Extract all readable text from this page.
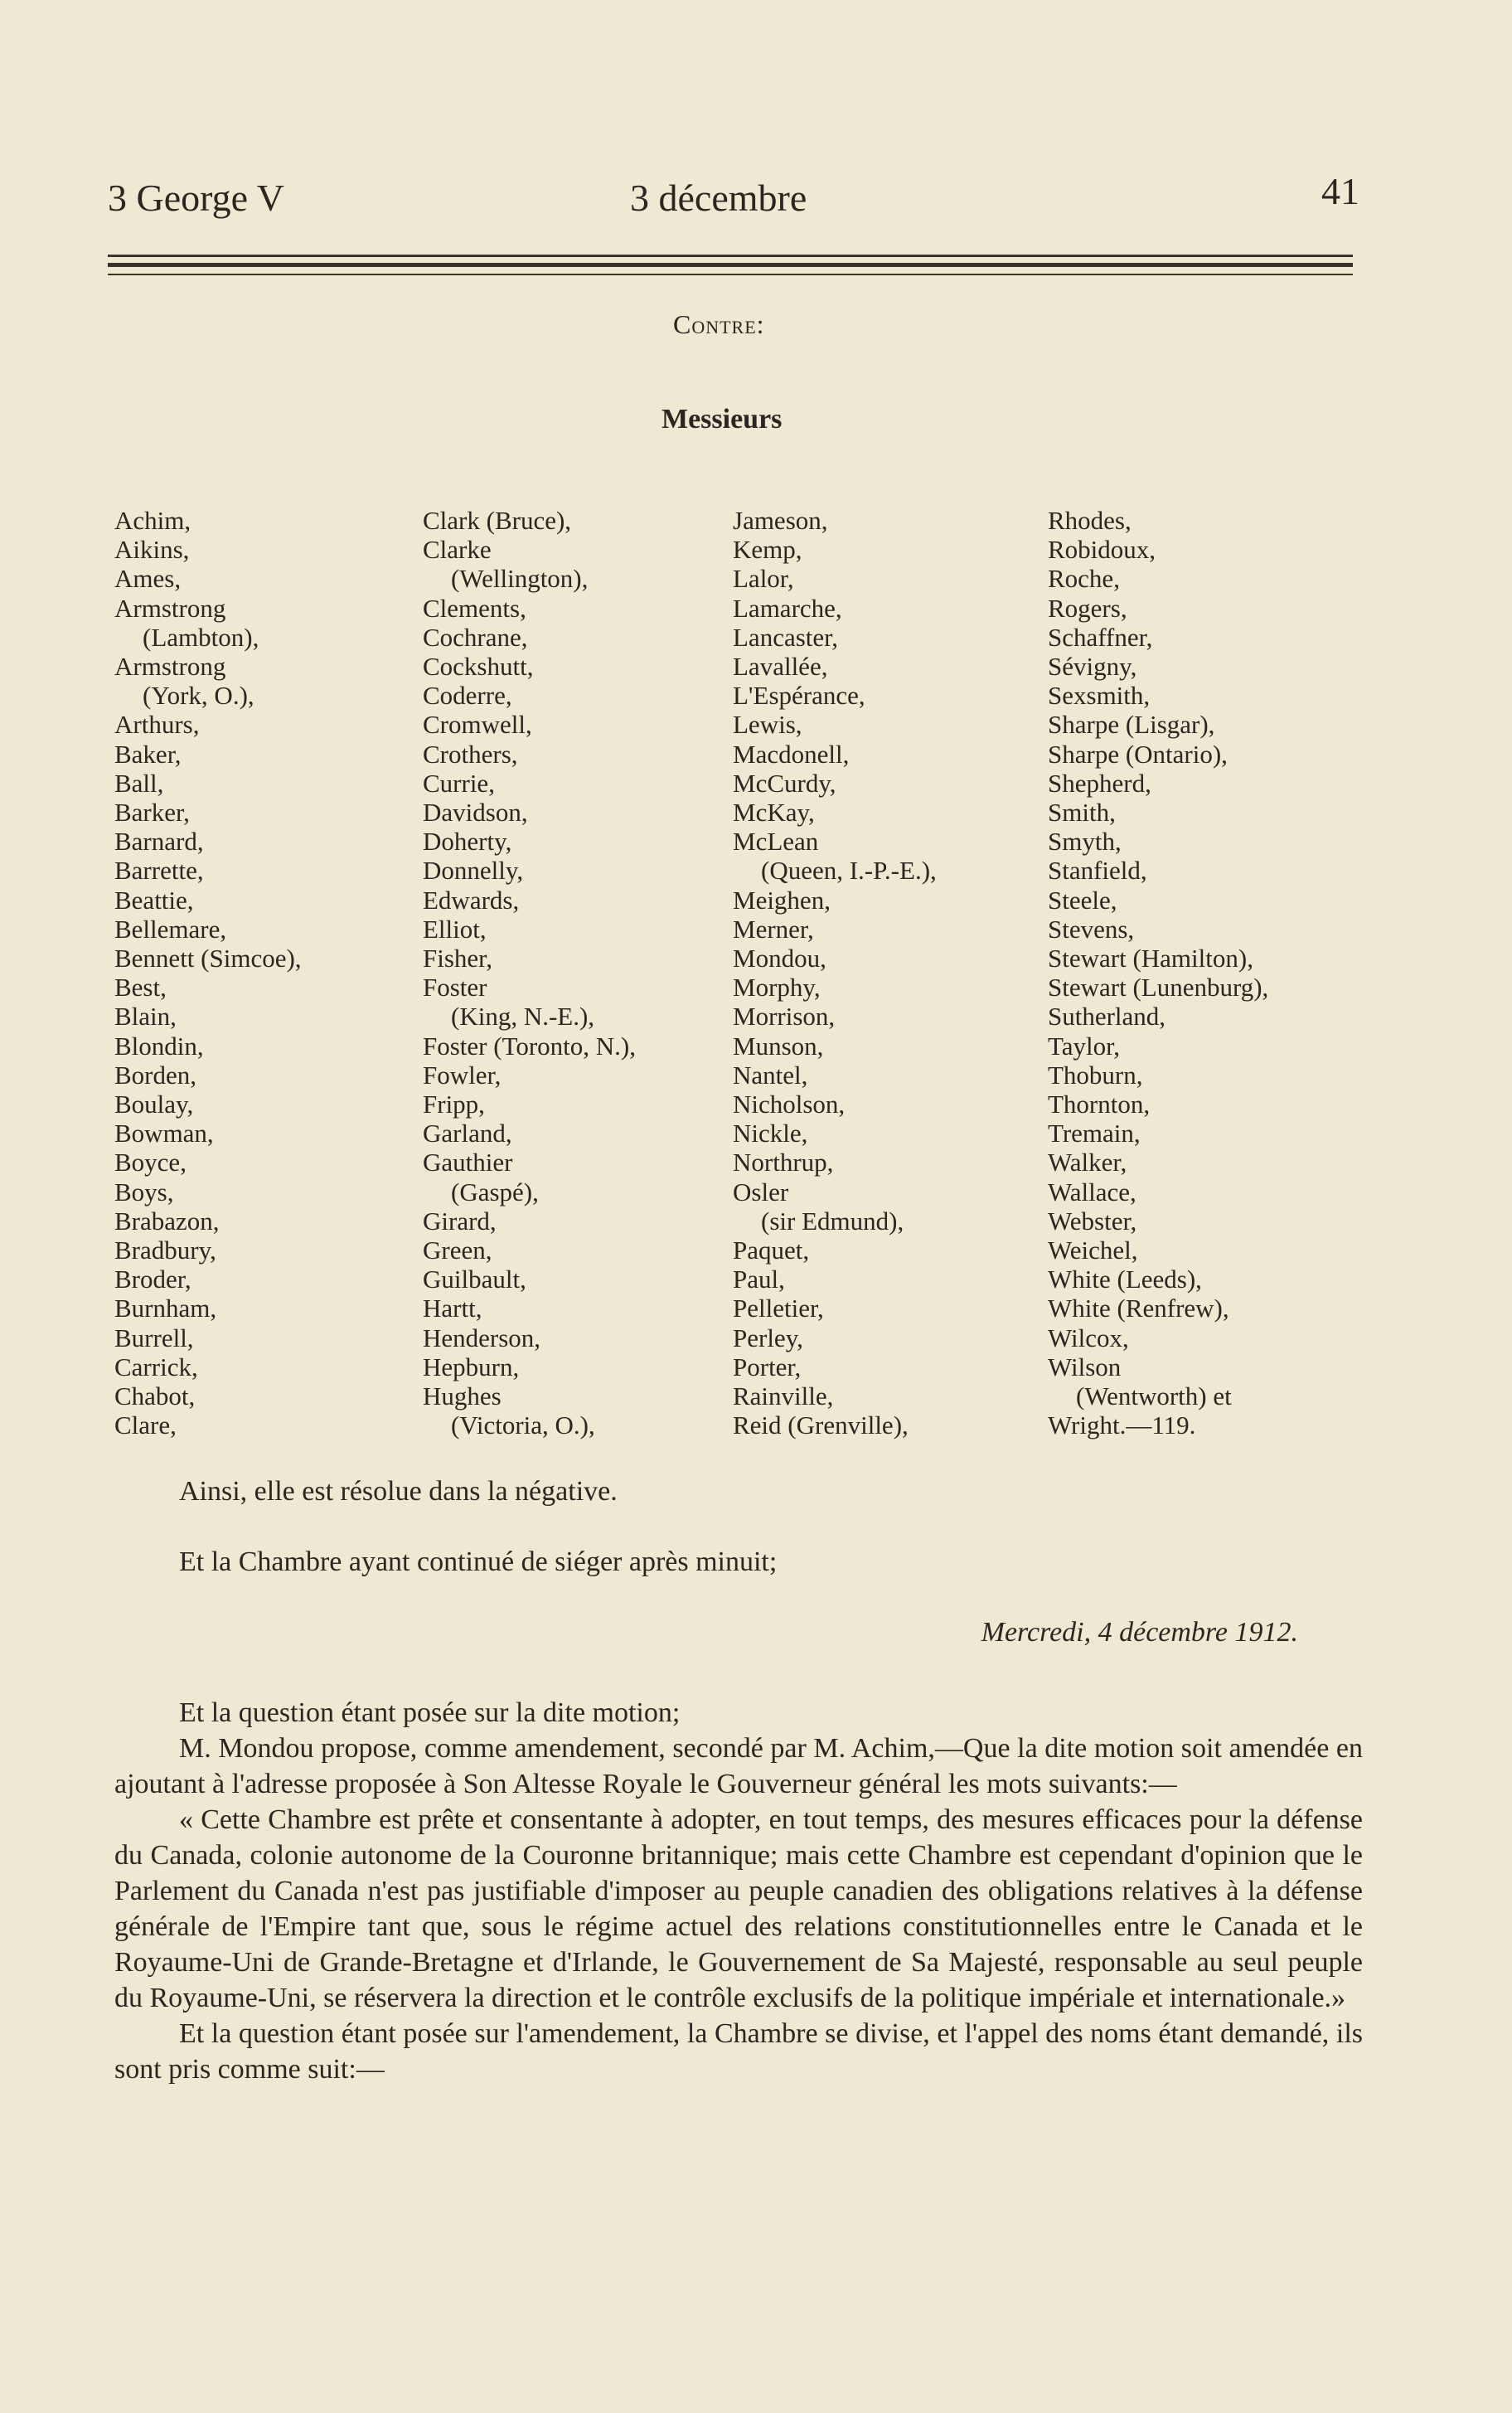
3 George V	3 décembre	41
Contre:
Messieurs
Achim,
Aikins,
Ames,
Armstrong
(Lambton),
Armstrong
(York, O.),
Arthurs,
Baker,
Ball,
Barker,
Barnard,
Barrette,
Beattie,
Bellemare,
Bennett (Simcoe),
Best,
Blain,
Blondin,
Borden,
Boulay,
Bowman,
Boyce,
Boys,
Brabazon,
Bradbury,
Broder,
Burnham,
Burrell,
Carrick,
Chabot,
Clare,
Clark (Bruce),
Clarke
(Wellington),
Clements,
Cochrane,
Cockshutt,
Coderre,
Cromwell,
Crothers,
Currie,
Davidson,
Doherty,
Donnelly,
Edwards,
Elliot,
Fisher,
Foster
(King, N.-E.),
Foster (Toronto, N.),
Fowler,
Fripp,
Garland,
Gauthier
(Gaspé),
Girard,
Green,
Guilbault,
Hartt,
Henderson,
Hepburn,
Hughes
(Victoria, O.),
Jameson,
Kemp,
Lalor,
Lamarche,
Lancaster,
Lavallée,
L'Espérance,
Lewis,
Macdonell,
McCurdy,
McKay,
McLean
(Queen, I.-P.-E.),
Meighen,
Merner,
Mondou,
Morphy,
Morrison,
Munson,
Nantel,
Nicholson,
Nickle,
Northrup,
Osler
(sir Edmund),
Paquet,
Paul,
Pelletier,
Perley,
Porter,
Rainville,
Reid (Grenville),
Rhodes,
Robidoux,
Roche,
Rogers,
Schaffner,
Sévigny,
Sexsmith,
Sharpe (Lisgar),
Sharpe (Ontario),
Shepherd,
Smith,
Smyth,
Stanfield,
Steele,
Stevens,
Stewart (Hamilton),
Stewart (Lunenburg),
Sutherland,
Taylor,
Thoburn,
Thornton,
Tremain,
Walker,
Wallace,
Webster,
Weichel,
White (Leeds),
White (Renfrew),
Wilcox,
Wilson
(Wentworth) et
Wright.—119.
Ainsi, elle est résolue dans la négative.
Et la Chambre ayant continué de siéger après minuit;
Mercredi, 4 décembre 1912.

Et la question étant posée sur la dite motion;

M. Mondou propose, comme amendement, secondé par M. Achim,—Que la dite motion soit amendée en ajoutant à l'adresse proposée à Son Altesse Royale le Gouverneur général les mots suivants:—

« Cette Chambre est prête et consentante à adopter, en tout temps, des mesures efficaces pour la défense du Canada, colonie autonome de la Couronne britannique; mais cette Chambre est cependant d'opinion que le Parlement du Canada n'est pas justifiable d'imposer au peuple canadien des obligations relatives à la défense générale de l'Empire tant que, sous le régime actuel des relations constitutionnelles entre le Canada et le Royaume-Uni de Grande-Bretagne et d'Irlande, le Gouvernement de Sa Majesté, responsable au seul peuple du Royaume-Uni, se réservera la direction et le contrôle exclusifs de la politique impériale et internationale.»

Et la question étant posée sur l'amendement, la Chambre se divise, et l'appel des noms étant demandé, ils sont pris comme suit:—
